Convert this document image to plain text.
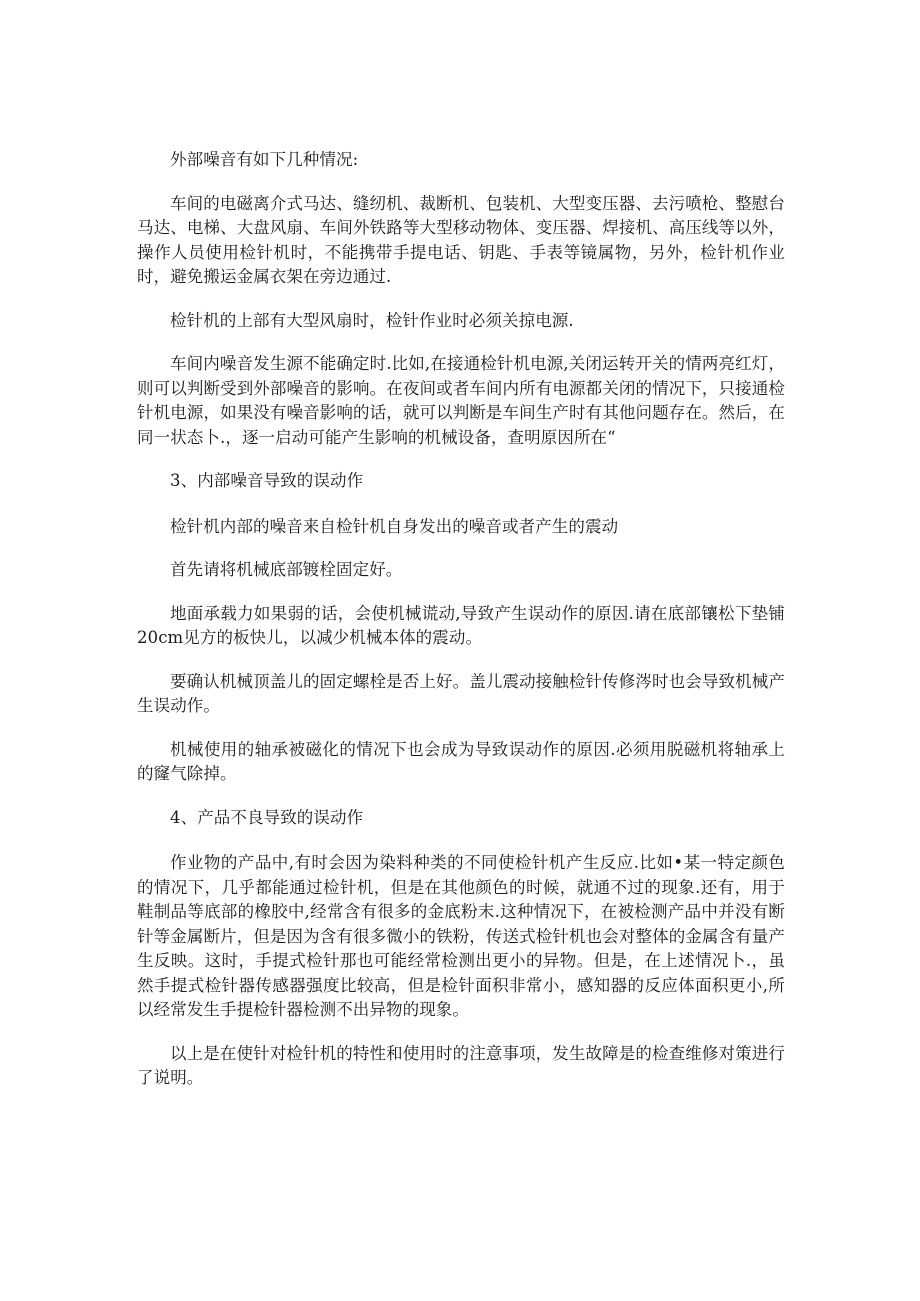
外部噪音有如下几种情况:

车间的电磁离介式马达、缝纫机、裁断机、包装机、大型变压器、去污喷枪、整慰台马达、电梯、大盘风扇、车间外铁路等大型移动物体、变压器、焊接机、高压线等以外，操作人员使用检针机时，不能携带手提电话、钥匙、手表等镜属物，另外，检针机作业时，避免搬运金属衣架在旁边通过.

检针机的上部有大型风扇时，检针作业时必须关掠电源.

车间内噪音发生源不能确定时.比如,在接通检针机电源,关闭运转开关的情两亮红灯，则可以判断受到外部噪音的影响。在夜间或者车间内所有电源都关闭的情况下，只接通检针机电源，如果没有噪音影响的话，就可以判断是车间生产时有其他问题存在。然后，在同一状态卜.，逐一启动可能产生影响的机械设备，查明原因所在“

3、内部噪音导致的误动作

检针机内部的噪音来自检针机自身发出的噪音或者产生的震动

首先请将机械底部镀栓固定好。

地面承载力如果弱的话，会使机械谎动,导致产生误动作的原因.请在底部镶松下垫铺20cm见方的板快儿，以减少机械本体的震动。

要确认机械顶盖儿的固定螺栓是否上好。盖儿震动接触检针传修涔时也会导致机械产生误动作。

机械使用的轴承被磁化的情况下也会成为导致误动作的原因.必须用脱磁机将轴承上的窿气除掉。

4、产品不良导致的误动作

作业物的产品中,有时会因为染料种类的不同使检针机产生反应.比如•某一特定颜色的情况下，几乎都能通过检针机，但是在其他颜色的时候，就通不过的现象.还有，用于鞋制品等底部的橡胶中,经常含有很多的金底粉末.这种情况下，在被检测产品中并没有断针等金属断片，但是因为含有很多微小的铁粉，传送式检针机也会对整体的金属含有量产生反映。这时，手提式检针那也可能经常检测出更小的异物。但是，在上述情况卜.，虽然手提式检针器传感器强度比较高，但是检针面积非常小，感知器的反应体面积更小,所以经常发生手提检针器检测不出异物的现象。

以上是在使针对检针机的特性和使用时的注意事项，发生故障是的检查维修对策进行了说明。
